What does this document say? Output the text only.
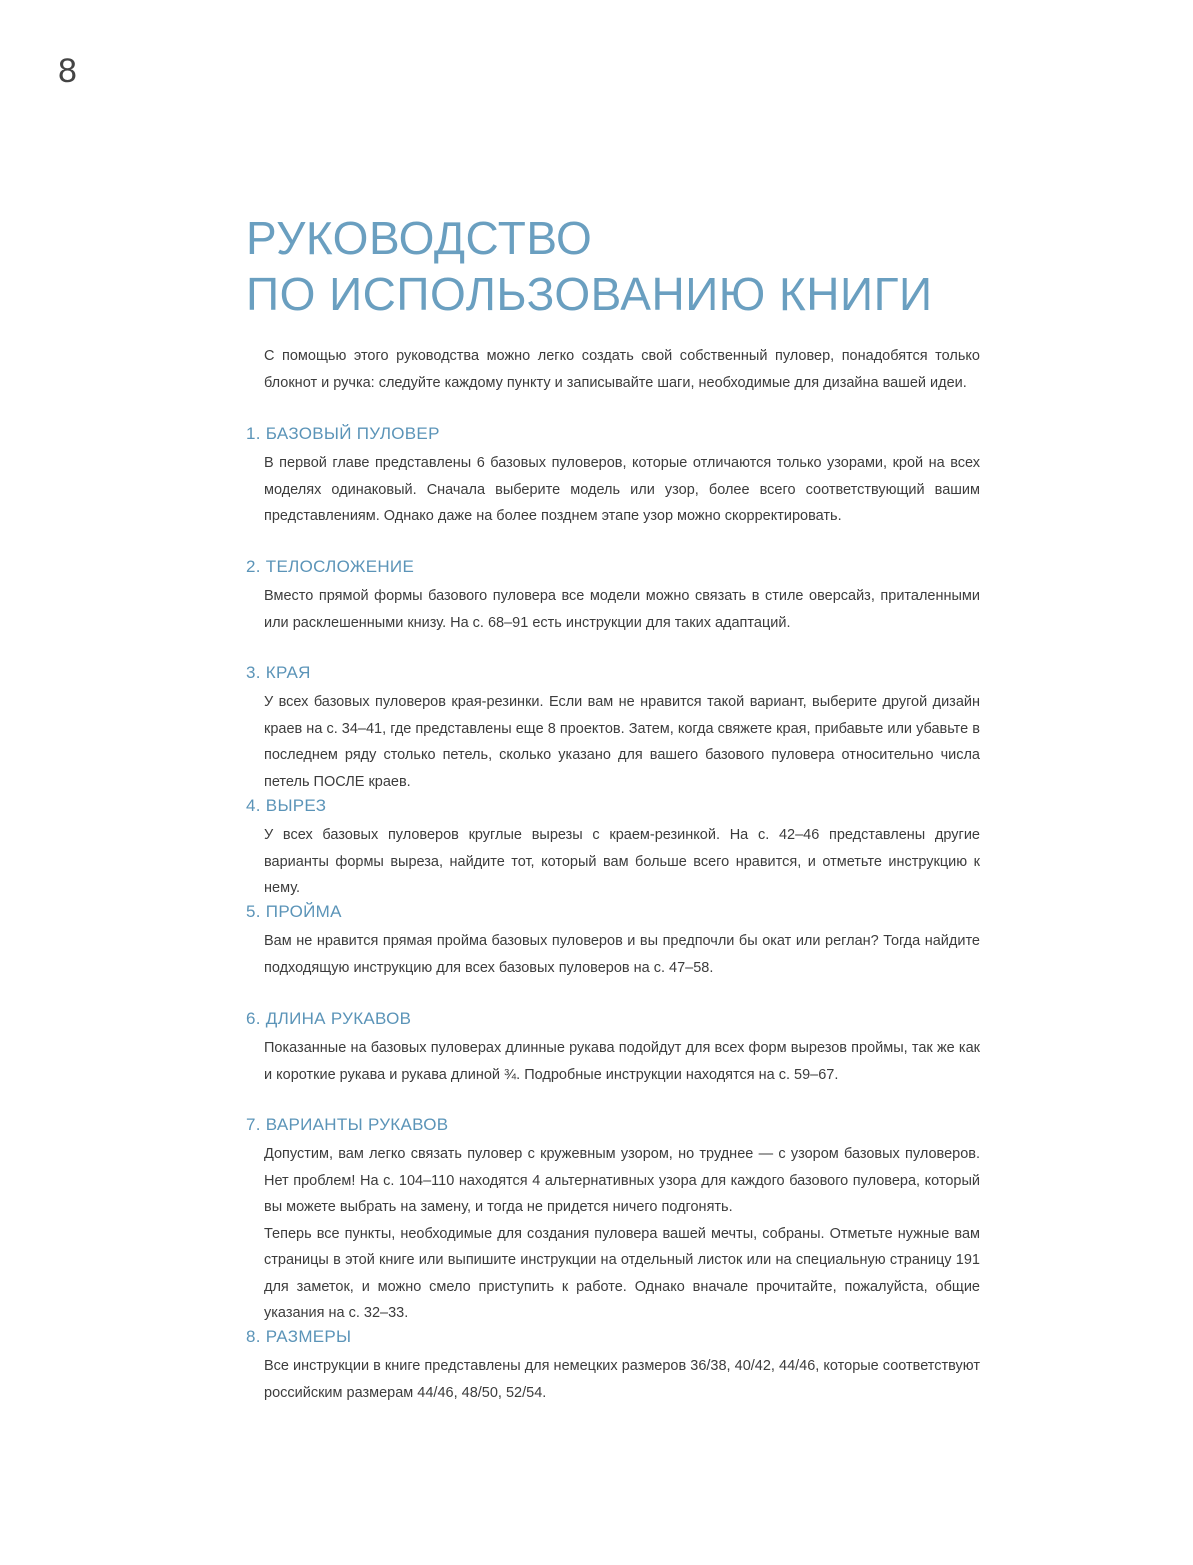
8
РУКОВОДСТВО
ПО ИСПОЛЬЗОВАНИЮ КНИГИ

С помощью этого руководства можно легко создать свой собственный пуловер, понадобятся только блокнот и ручка: следуйте каждому пункту и записывайте шаги, необходимые для дизайна вашей идеи.

1. БАЗОВЫЙ ПУЛОВЕР

В первой главе представлены 6 базовых пуловеров, которые отличаются только узорами, крой на всех моделях одинаковый. Сначала выберите модель или узор, более всего соответствующий вашим представлениям. Однако даже на более позднем этапе узор можно скорректировать.

2. ТЕЛОСЛОЖЕНИЕ

Вместо прямой формы базового пуловера все модели можно связать в стиле оверсайз, приталенными или расклешенными книзу. На с. 68–91 есть инструкции для таких адаптаций.

3. КРАЯ

У всех базовых пуловеров края-резинки. Если вам не нравится такой вариант, выберите другой дизайн краев на с. 34–41, где представлены еще 8 проектов. Затем, когда свяжете края, прибавьте или убавьте в последнем ряду столько петель, сколько указано для вашего базового пуловера относительно числа петель ПОСЛЕ краев.

4. ВЫРЕЗ

У всех базовых пуловеров круглые вырезы с краем-резинкой. На с. 42–46 представлены другие варианты формы выреза, найдите тот, который вам больше всего нравится, и отметьте инструкцию к нему.

5. ПРОЙМА

Вам не нравится прямая пройма базовых пуловеров и вы предпочли бы окат или реглан? Тогда найдите подходящую инструкцию для всех базовых пуловеров на с. 47–58.

6. ДЛИНА РУКАВОВ

Показанные на базовых пуловерах длинные рукава подойдут для всех форм вырезов проймы, так же как и короткие рукава и рукава длиной ¾. Подробные инструкции находятся на с. 59–67.

7. ВАРИАНТЫ РУКАВОВ

Допустим, вам легко связать пуловер с кружевным узором, но труднее — с узором базовых пуловеров. Нет проблем! На с. 104–110 находятся 4 альтернативных узора для каждого базового пуловера, который вы можете выбрать на замену, и тогда не придется ничего подгонять.

Теперь все пункты, необходимые для создания пуловера вашей мечты, собраны. Отметьте нужные вам страницы в этой книге или выпишите инструкции на отдельный листок или на специальную страницу 191 для заметок, и можно смело приступить к работе. Однако вначале прочитайте, пожалуйста, общие указания на с. 32–33.

8. РАЗМЕРЫ

Все инструкции в книге представлены для немецких размеров 36/38, 40/42, 44/46, которые соответствуют российским размерам 44/46, 48/50, 52/54.
